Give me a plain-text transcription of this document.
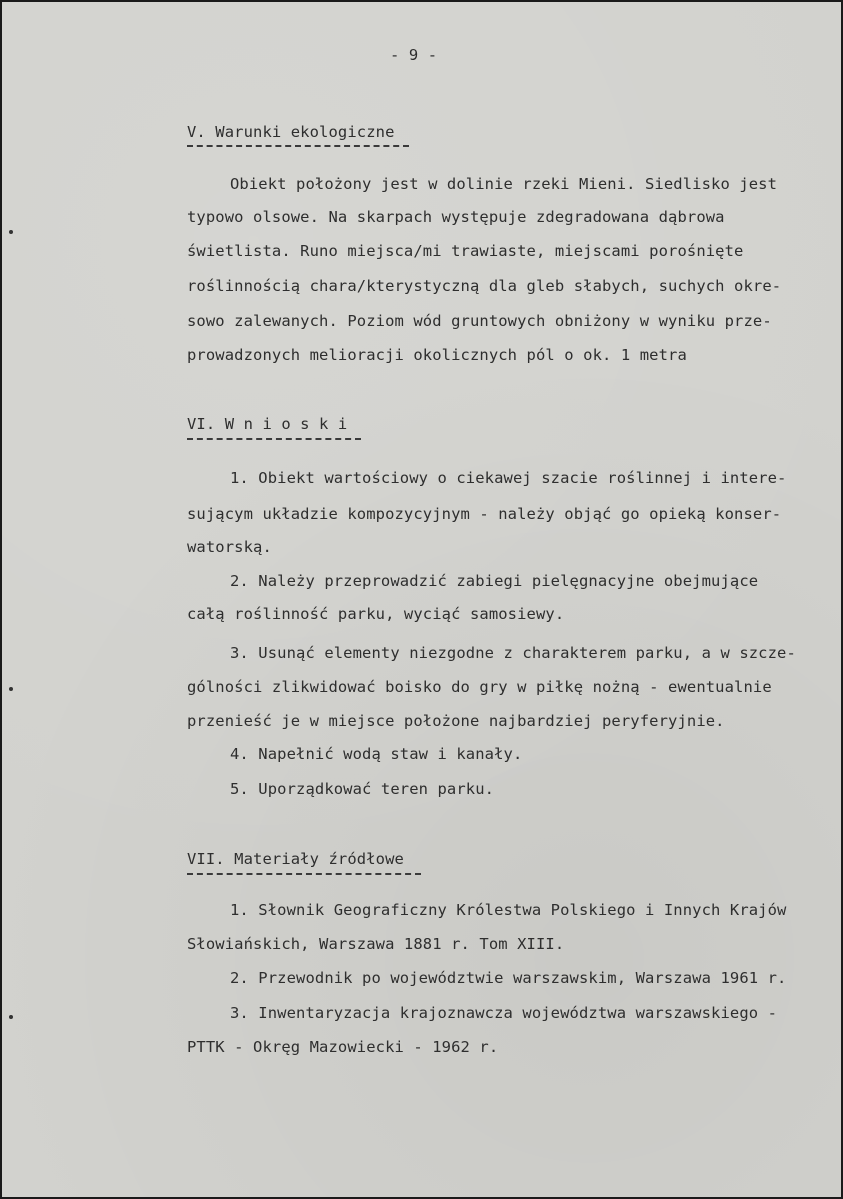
- 9 -
V. Warunki ekologiczne
Obiekt położony jest w dolinie rzeki Mieni. Siedlisko jest
typowo olsowe. Na skarpach występuje zdegradowana dąbrowa
świetlista. Runo miejsca/mi trawiaste, miejscami porośnięte
roślinnością chara/kterystyczną dla gleb słabych, suchych okre-
sowo zalewanych. Poziom wód gruntowych obniżony w wyniku prze-
prowadzonych melioracji okolicznych pól o ok. 1 metra
VI. W n i o s k i
1. Obiekt wartościowy o ciekawej szacie roślinnej i intere-
sującym układzie kompozycyjnym - należy objąć go opieką konser-
watorską.
2. Należy przeprowadzić zabiegi pielęgnacyjne obejmujące
całą roślinność parku, wyciąć samosiewy.
3. Usunąć elementy niezgodne z charakterem parku, a w szcze-
gólności zlikwidować boisko do gry w piłkę nożną - ewentualnie
przenieść je w miejsce położone najbardziej peryferyjnie.
4. Napełnić wodą staw i kanały.
5. Uporządkować teren parku.
VII. Materiały źródłowe
1. Słownik Geograficzny Królestwa Polskiego i Innych Krajów
Słowiańskich, Warszawa 1881 r. Tom XIII.
2. Przewodnik po województwie warszawskim, Warszawa 1961 r.
3. Inwentaryzacja krajoznawcza województwa warszawskiego -
PTTK - Okręg Mazowiecki - 1962 r.
